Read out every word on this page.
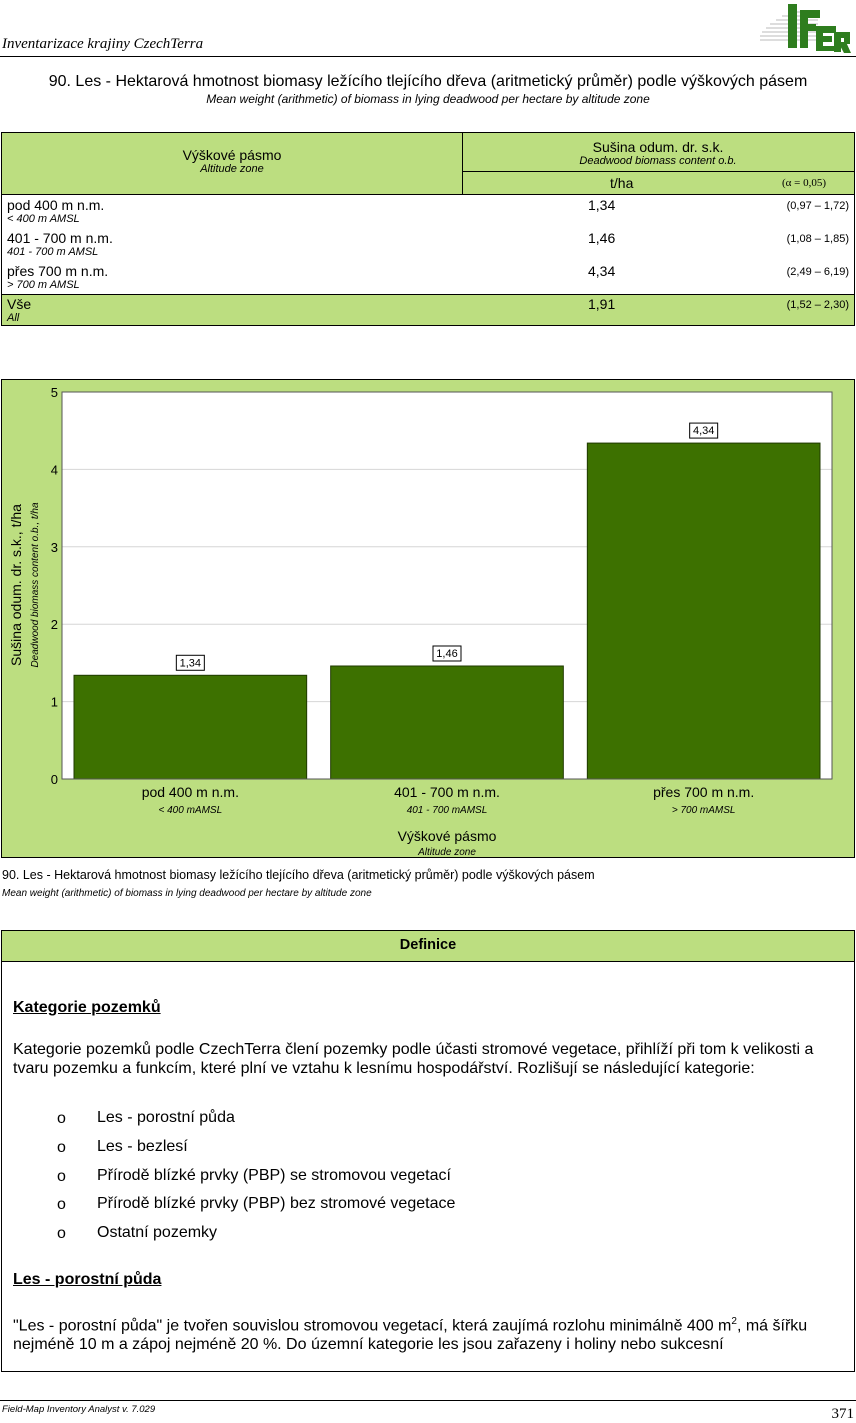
Inventarizace krajiny CzechTerra
90. Les - Hektarová hmotnost biomasy ležícího tlejícího dřeva (aritmetický průměr) podle výškových pásem
Mean weight (arithmetic) of biomass in lying deadwood per hectare by altitude zone
Výškové pásmo
Altitude zone
Sušina odum. dr. s.k.
Deadwood biomass content o.b.
t/ha	(α = 0,05)
pod 400 m n.m.
< 400 m AMSL
1,34	(0,97 – 1,72)
401 - 700 m n.m.
401 - 700 m AMSL
1,46	(1,08 – 1,85)
přes 700 m n.m.
> 700 m AMSL
4,34	(2,49 – 6,19)
Vše
All
1,91	(1,52 – 2,30)
0
1
2
3
4
5
1,34
1,46
4,34
pod 400 m n.m.
< 400 mAMSL
401 - 700 m n.m.
401 - 700 mAMSL
přes 700 m n.m.
> 700 mAMSL
Sušina odum. dr. s.k., t/ha Deadwood biomass content o.b., t/ha
Výškové pásmo
Altitude zone
90. Les - Hektarová hmotnost biomasy ležícího tlejícího dřeva (aritmetický průměr) podle výškových pásem
Mean weight (arithmetic) of biomass in lying deadwood per hectare by altitude zone
Definice
Kategorie pozemků
Kategorie pozemků podle CzechTerra člení pozemky podle účasti stromové vegetace, přihlíží při tom k velikosti a tvaru pozemku a funkcím, které plní ve vztahu k lesnímu hospodářství. Rozlišují se následující kategorie:
o Les - porostní půda
o Les - bezlesí
o Přírodě blízké prvky (PBP) se stromovou vegetací
o Přírodě blízké prvky (PBP) bez stromové vegetace
o Ostatní pozemky
Les - porostní půda
"Les - porostní půda" je tvořen souvislou stromovou vegetací, která zaujímá rozlohu minimálně 400 $m^2$, má šířku nejméně 10 m a zápoj nejméně 20 %. Do územní kategorie les jsou zařazeny i holiny nebo sukcesní
Field-Map Inventory Analyst v. 7.029	371
